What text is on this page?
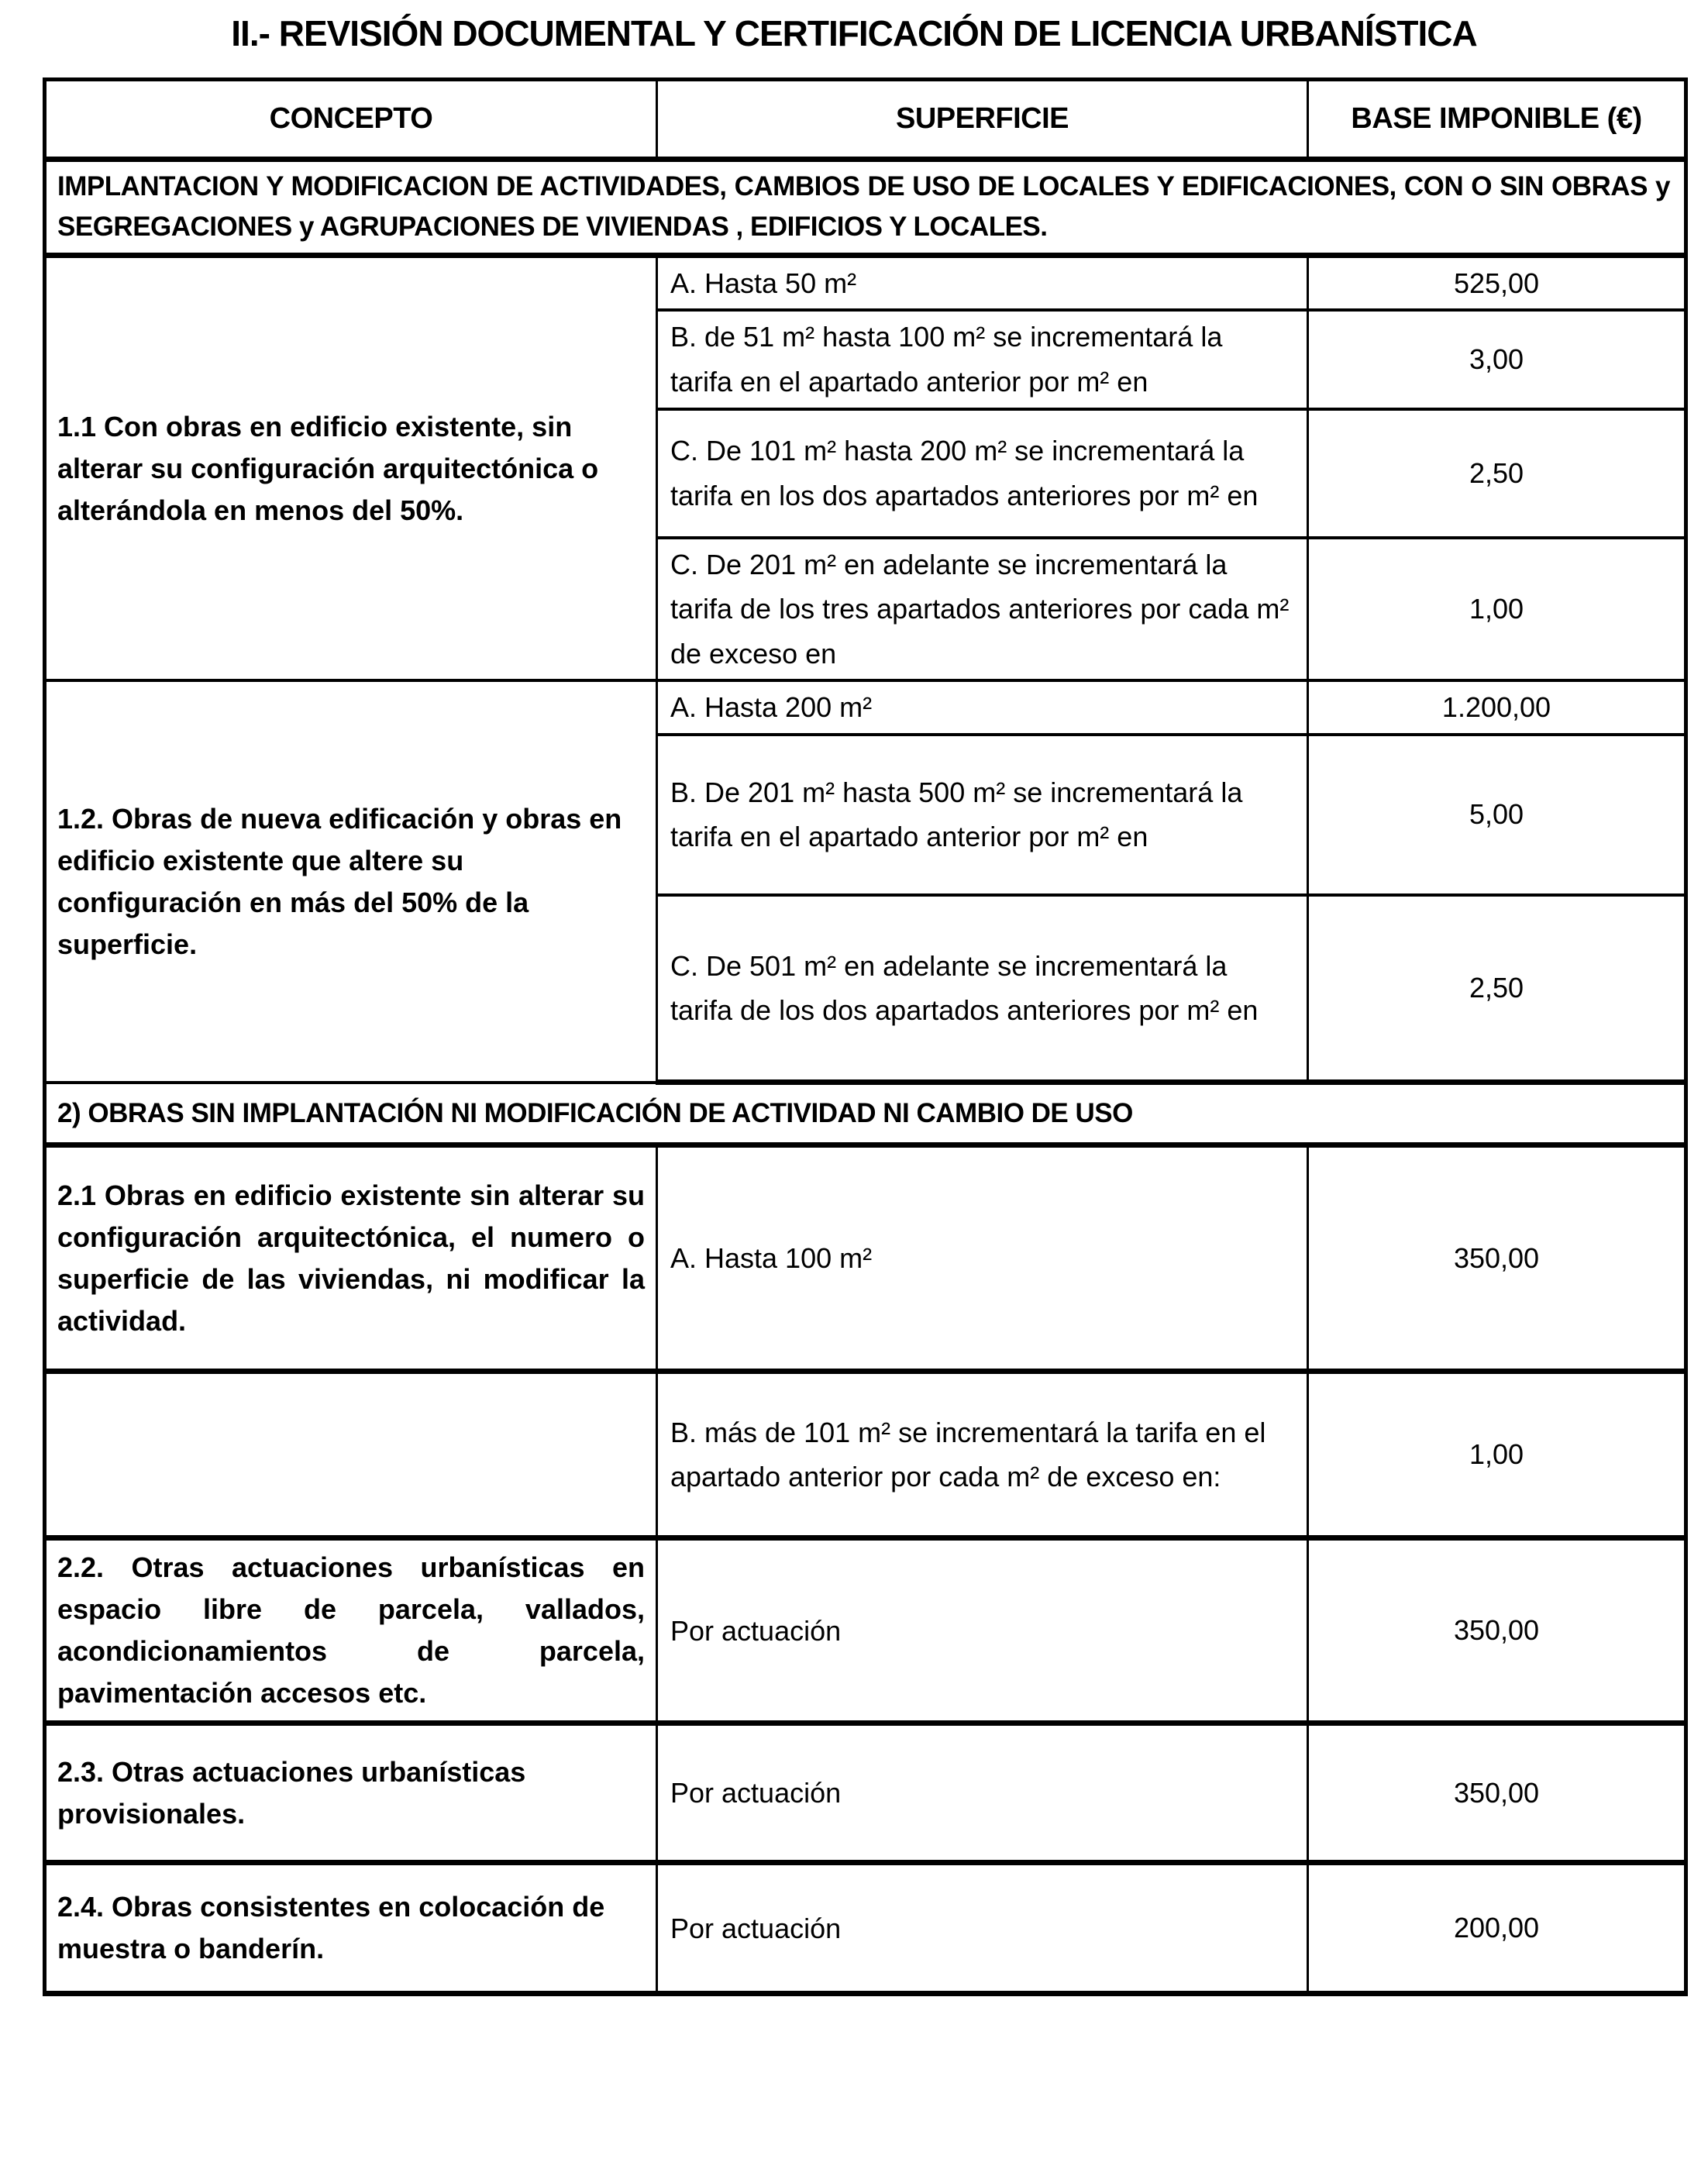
II.- REVISIÓN DOCUMENTAL Y CERTIFICACIÓN DE LICENCIA URBANÍSTICA
CONCEPTO	SUPERFICIE	BASE IMPONIBLE (€)
IMPLANTACION Y MODIFICACION DE ACTIVIDADES, CAMBIOS DE USO DE LOCALES Y EDIFICACIONES, CON O SIN OBRAS y SEGREGACIONES y AGRUPACIONES DE VIVIENDAS , EDIFICIOS Y LOCALES.		
1.1 Con obras en edificio existente, sin alterar su configuración arquitectónica o alterándola en menos del 50%.	A. Hasta 50 m²	525,00
	B. de 51 m² hasta 100 m² se incrementará la tarifa en el apartado anterior por m² en	3,00
	C. De 101 m² hasta 200 m² se incrementará la tarifa en los dos apartados anteriores por m² en	2,50
	C. De 201 m² en adelante se incrementará la tarifa de los tres apartados anteriores por cada m² de exceso en	1,00
1.2. Obras de nueva edificación y obras en edificio existente que altere su configuración en más del 50% de la superficie.	A. Hasta 200 m²	1.200,00
	B. De 201 m² hasta 500 m² se incrementará la tarifa en el apartado anterior por m² en	5,00
	C. De 501 m² en adelante se incrementará la tarifa de los dos apartados anteriores por m² en	2,50
2) OBRAS SIN IMPLANTACIÓN NI MODIFICACIÓN DE ACTIVIDAD NI CAMBIO DE USO		
2.1 Obras en edificio existente sin alterar su configuración arquitectónica, el numero o superficie de las viviendas, ni modificar la actividad.	A. Hasta 100 m²	350,00
	B. más de 101 m² se incrementará la tarifa en el apartado anterior por cada m² de exceso en:	1,00
2.2. Otras actuaciones urbanísticas en espacio libre de parcela, vallados, acondicionamientos de parcela, pavimentación accesos etc.	Por actuación	350,00
2.3. Otras actuaciones urbanísticas provisionales.	Por actuación	350,00
2.4. Obras consistentes en colocación de muestra o banderín.	Por actuación	200,00
